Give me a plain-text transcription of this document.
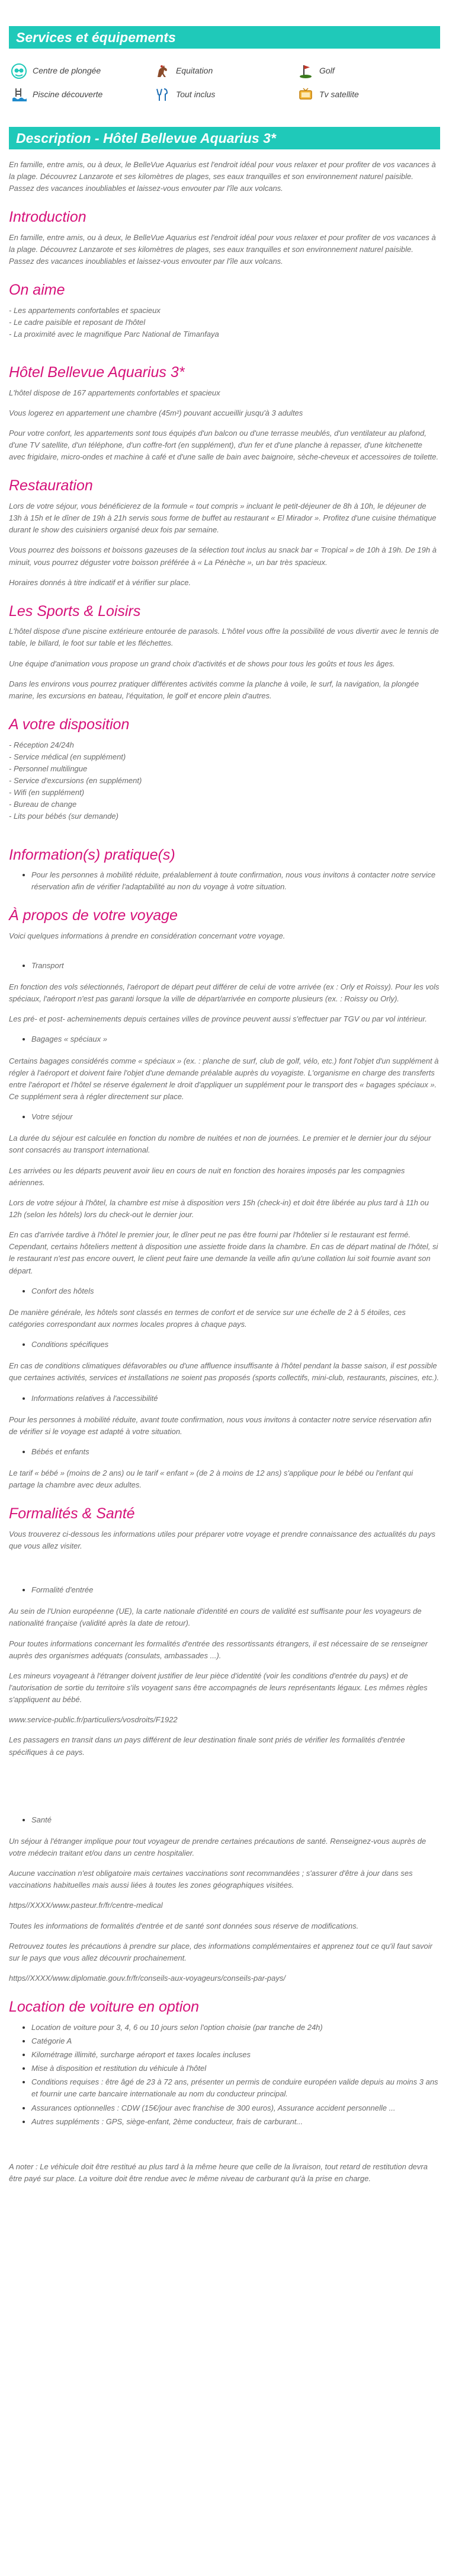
Services et équipements
Centre de plongée	Equitation	Golf
Piscine découverte	Tout inclus	Tv satellite
Description - Hôtel Bellevue Aquarius 3*

En famille, entre amis, ou à deux, le BelleVue Aquarius est l'endroit idéal pour vous relaxer et pour profiter de vos vacances à la plage. Découvrez Lanzarote et ses kilomètres de plages, ses eaux tranquilles et son environnement naturel paisible. Passez des vacances inoubliables et laissez-vous envouter par l'île aux volcans.

Introduction

En famille, entre amis, ou à deux, le BelleVue Aquarius est l'endroit idéal pour vous relaxer et pour profiter de vos vacances à la plage. Découvrez Lanzarote et ses kilomètres de plages, ses eaux tranquilles et son environnement naturel paisible. Passez des vacances inoubliables et laissez-vous envouter par l'île aux volcans.

On aime

- Les appartements confortables et spacieux

- Le cadre paisible et reposant de l'hôtel

- La proximité avec le magnifique Parc National de Timanfaya

Hôtel Bellevue Aquarius 3*

L'hôtel dispose de 167 appartements confortables et spacieux

Vous logerez en appartement une chambre (45m²) pouvant accueillir jusqu'à 3 adultes

Pour votre confort, les appartements sont tous équipés d'un balcon ou d'une terrasse meublés, d'un ventilateur au plafond, d'une TV satellite, d'un téléphone, d'un coffre-fort (en supplément), d'un fer et d'une planche à repasser, d'une kitchenette avec frigidaire, micro-ondes et machine à café et d'une salle de bain avec baignoire, sèche-cheveux et accessoires de toilette.

Restauration

Lors de votre séjour, vous bénéficierez de la formule « tout compris » incluant le petit-déjeuner de 8h à 10h, le déjeuner de 13h à 15h et le dîner de 19h à 21h servis sous forme de buffet au restaurant « El Mirador ». Profitez d'une cuisine thématique durant le show des cuisiniers organisé deux fois par semaine.

Vous pourrez des boissons et boissons gazeuses de la sélection tout inclus au snack bar « Tropical » de 10h à 19h. De 19h à minuit, vous pourrez déguster votre boisson préférée à « La Pénèche », un bar très spacieux.

Horaires donnés à titre indicatif et à vérifier sur place.

Les Sports & Loisirs

L'hôtel dispose d'une piscine extérieure entourée de parasols. L'hôtel vous offre la possibilité de vous divertir avec le tennis de table, le billard, le foot sur table et les fléchettes.

Une équipe d'animation vous propose un grand choix d'activités et de shows pour tous les goûts et tous les âges.

Dans les environs vous pourrez pratiquer différentes activités comme la planche à voile, le surf, la navigation, la plongée marine, les excursions en bateau, l'équitation, le golf et encore plein d'autres.

A votre disposition

- Réception 24/24h

- Service médical (en supplément)

- Personnel multilingue

- Service d'excursions (en supplément)

- Wifi (en supplément)

- Bureau de change

- Lits pour bébés (sur demande)

Information(s) pratique(s)
• Pour les personnes à mobilité réduite, préalablement à toute confirmation, nous vous invitons à contacter notre service réservation afin de vérifier l'adaptabilité au non du voyage à votre situation.
À propos de votre voyage

Voici quelques informations à prendre en considération concernant votre voyage.

• Transport

En fonction des vols sélectionnés, l'aéroport de départ peut différer de celui de votre arrivée (ex : Orly et Roissy). Pour les vols spéciaux, l'aéroport n'est pas garanti lorsque la ville de départ/arrivée en comporte plusieurs (ex. : Roissy ou Orly).

Les pré- et post- acheminements depuis certaines villes de province peuvent aussi s'effectuer par TGV ou par vol intérieur.

• Bagages « spéciaux »

Certains bagages considérés comme « spéciaux » (ex. : planche de surf, club de golf, vélo, etc.) font l'objet d'un supplément à régler à l'aéroport et doivent faire l'objet d'une demande préalable auprès du voyagiste. L'organisme en charge des transferts entre l'aéroport et l'hôtel se réserve également le droit d'appliquer un supplément pour le transport des « bagages spéciaux ». Ce supplément sera à régler directement sur place.

• Votre séjour

La durée du séjour est calculée en fonction du nombre de nuitées et non de journées. Le premier et le dernier jour du séjour sont consacrés au transport international.

Les arrivées ou les départs peuvent avoir lieu en cours de nuit en fonction des horaires imposés par les compagnies aériennes.

Lors de votre séjour à l'hôtel, la chambre est mise à disposition vers 15h (check-in) et doit être libérée au plus tard à 11h ou 12h (selon les hôtels) lors du check-out le dernier jour.

En cas d'arrivée tardive à l'hôtel le premier jour, le dîner peut ne pas être fourni par l'hôtelier si le restaurant est fermé. Cependant, certains hôteliers mettent à disposition une assiette froide dans la chambre. En cas de départ matinal de l'hôtel, si le restaurant n'est pas encore ouvert, le client peut faire une demande la veille afin qu'une collation lui soit fournie avant son départ.

• Confort des hôtels

De manière générale, les hôtels sont classés en termes de confort et de service sur une échelle de 2 à 5 étoiles, ces catégories correspondant aux normes locales propres à chaque pays.

• Conditions spécifiques

En cas de conditions climatiques défavorables ou d'une affluence insuffisante à l'hôtel pendant la basse saison, il est possible que certaines activités, services et installations ne soient pas proposés (sports collectifs, mini-club, restaurants, piscines, etc.).

• Informations relatives à l'accessibilité

Pour les personnes à mobilité réduite, avant toute confirmation, nous vous invitons à contacter notre service réservation afin de vérifier si le voyage est adapté à votre situation.

• Bébés et enfants

Le tarif « bébé » (moins de 2 ans) ou le tarif « enfant » (de 2 à moins de 12 ans) s'applique pour le bébé ou l'enfant qui partage la chambre avec deux adultes.

Formalités & Santé

Vous trouverez ci-dessous les informations utiles pour préparer votre voyage et prendre connaissance des actualités du pays que vous allez visiter.

• Formalité d'entrée

Au sein de l'Union européenne (UE), la carte nationale d'identité en cours de validité est suffisante pour les voyageurs de nationalité française (validité après la date de retour).

Pour toutes informations concernant les formalités d'entrée des ressortissants étrangers, il est nécessaire de se renseigner auprès des organismes adéquats (consulats, ambassades ...).

Les mineurs voyageant à l'étranger doivent justifier de leur pièce d'identité (voir les conditions d'entrée du pays) et de l'autorisation de sortie du territoire s'ils voyagent sans être accompagnés de leurs représentants légaux. Les mêmes règles s'appliquent au bébé.

www.service-public.fr/particuliers/vosdroits/F1922

Les passagers en transit dans un pays différent de leur destination finale sont priés de vérifier les formalités d'entrée spécifiques à ce pays.

• Santé

Un séjour à l'étranger implique pour tout voyageur de prendre certaines précautions de santé. Renseignez-vous auprès de votre médecin traitant et/ou dans un centre hospitalier.

Aucune vaccination n'est obligatoire mais certaines vaccinations sont recommandées ; s'assurer d'être à jour dans ses vaccinations habituelles mais aussi liées à toutes les zones géographiques visitées.

https//XXXX/www.pasteur.fr/fr/centre-medical

Toutes les informations de formalités d'entrée et de santé sont données sous réserve de modifications.

Retrouvez toutes les précautions à prendre sur place, des informations complémentaires et apprenez tout ce qu'il faut savoir sur le pays que vous allez découvrir prochainement.

https//XXXX/www.diplomatie.gouv.fr/fr/conseils-aux-voyageurs/conseils-par-pays/

Location de voiture en option
• Location de voiture pour 3, 4, 6 ou 10 jours selon l'option choisie (par tranche de 24h)
• Catégorie A
• Kilométrage illimité, surcharge aéroport et taxes locales incluses
• Mise à disposition et restitution du véhicule à l'hôtel
• Conditions requises : être âgé de 23 à 72 ans, présenter un permis de conduire européen valide depuis au moins 3 ans et fournir une carte bancaire internationale au nom du conducteur principal.
• Assurances optionnelles : CDW (15€/jour avec franchise de 300 euros), Assurance accident personnelle ...
• Autres suppléments : GPS, siège-enfant, 2ème conducteur, frais de carburant...

A noter : Le véhicule doit être restitué au plus tard à la même heure que celle de la livraison, tout retard de restitution devra être payé sur place. La voiture doit être rendue avec le même niveau de carburant qu'à la prise en charge.
